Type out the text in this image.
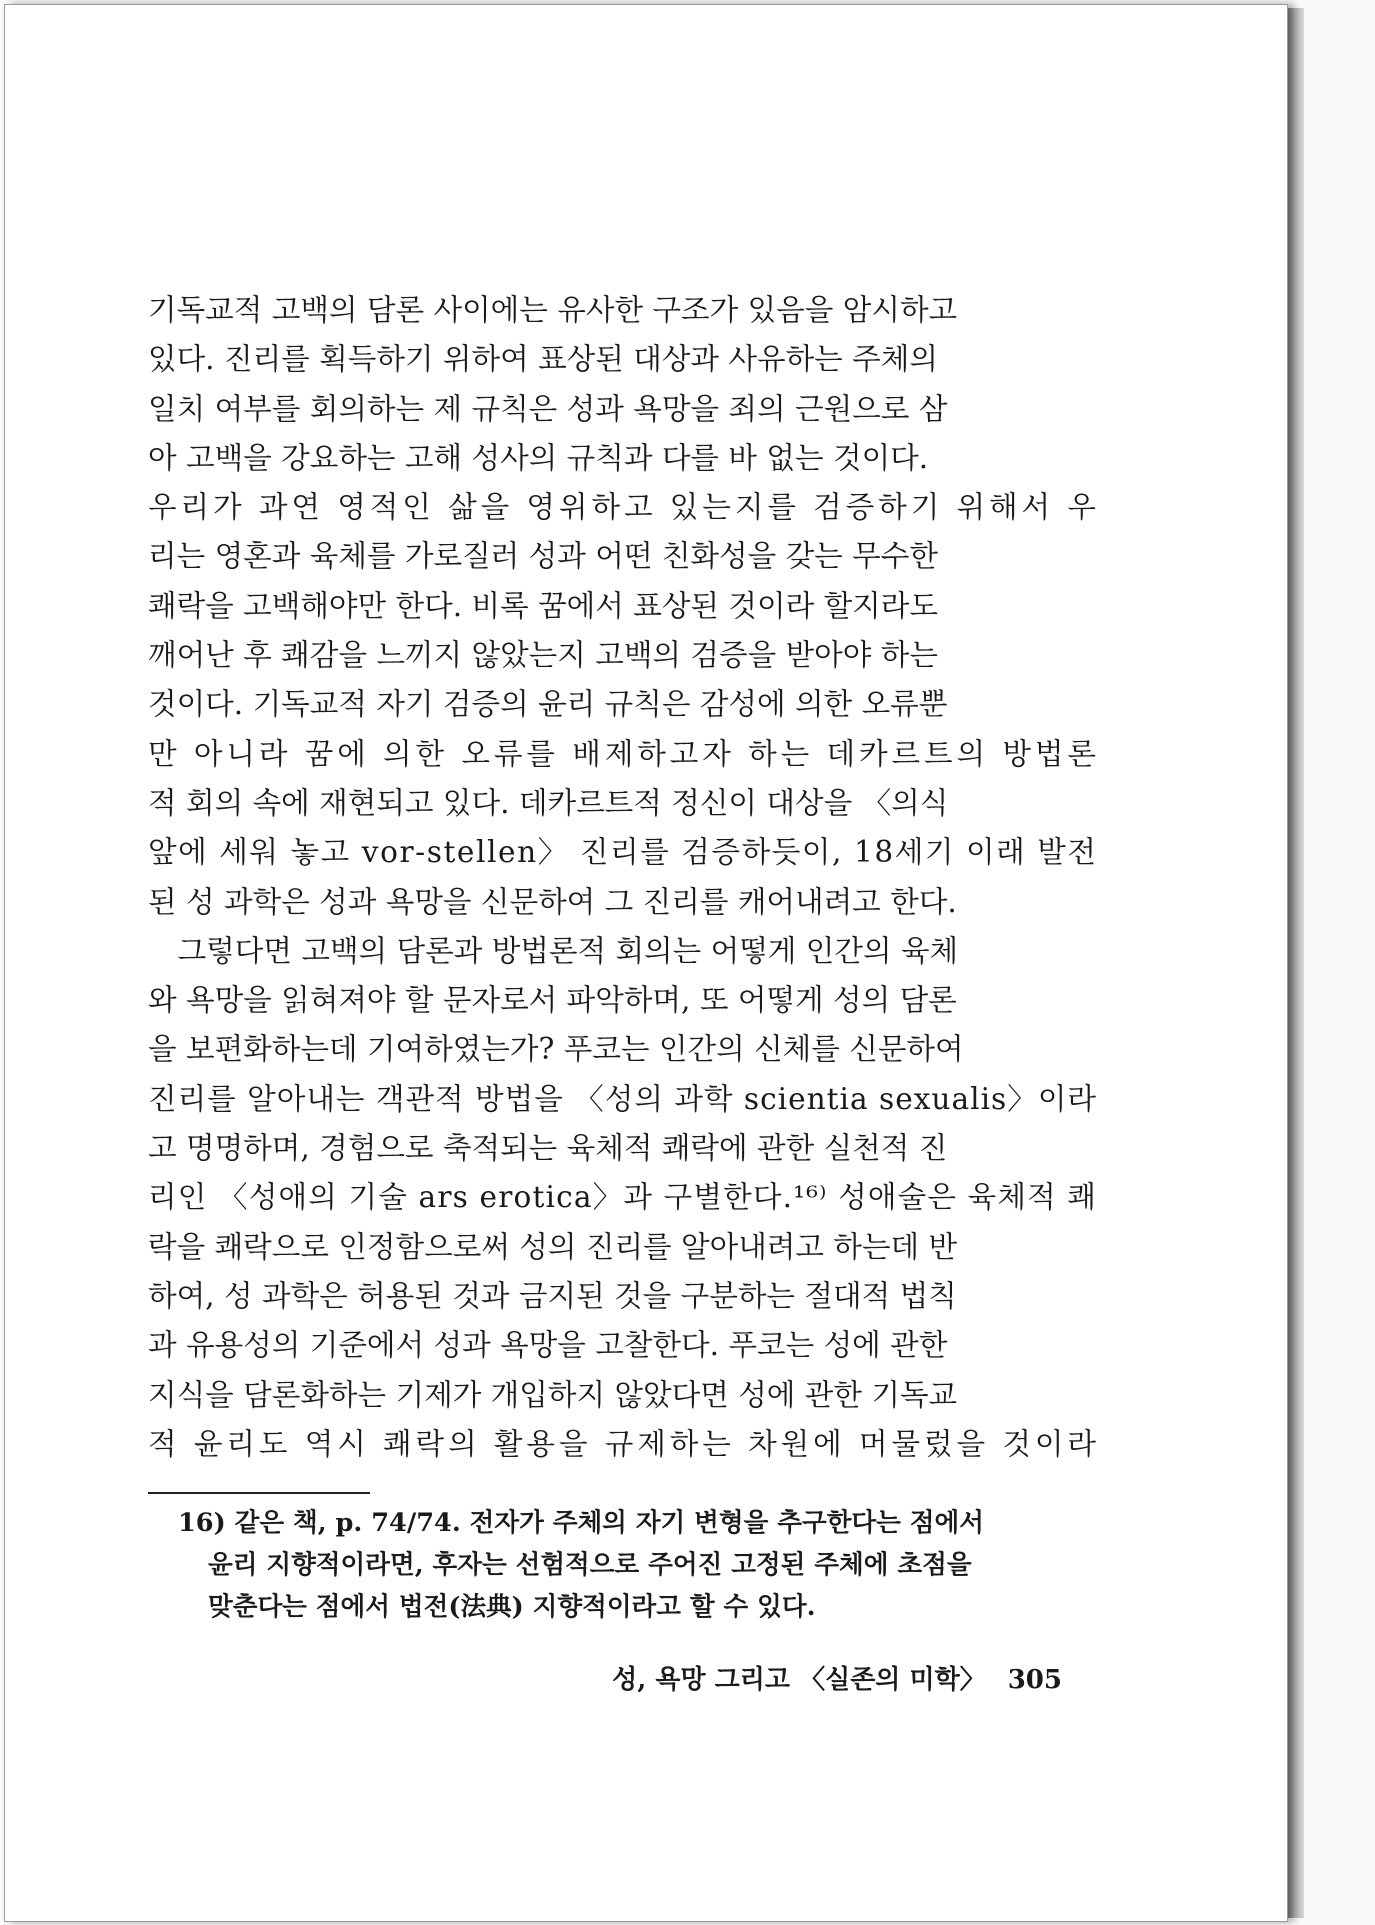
기독교적 고백의 담론 사이에는 유사한 구조가 있음을 암시하고
있다. 진리를 획득하기 위하여 표상된 대상과 사유하는 주체의
일치 여부를 회의하는 제 규칙은 성과 욕망을 죄의 근원으로 삼
아 고백을 강요하는 고해 성사의 규칙과 다를 바 없는 것이다.
우리가 과연 영적인 삶을 영위하고 있는지를 검증하기 위해서 우
리는 영혼과 육체를 가로질러 성과 어떤 친화성을 갖는 무수한
쾌락을 고백해야만 한다. 비록 꿈에서 표상된 것이라 할지라도
깨어난 후 쾌감을 느끼지 않았는지 고백의 검증을 받아야 하는
것이다. 기독교적 자기 검증의 윤리 규칙은 감성에 의한 오류뿐
만 아니라 꿈에 의한 오류를 배제하고자 하는 데카르트의 방법론
적 회의 속에 재현되고 있다. 데카르트적 정신이 대상을 〈의식
앞에 세워 놓고 vor-stellen〉 진리를 검증하듯이, 18세기 이래 발전
된 성 과학은 성과 욕망을 신문하여 그 진리를 캐어내려고 한다.
　그렇다면 고백의 담론과 방법론적 회의는 어떻게 인간의 육체
와 욕망을 읽혀져야 할 문자로서 파악하며, 또 어떻게 성의 담론
을 보편화하는데 기여하였는가? 푸코는 인간의 신체를 신문하여
진리를 알아내는 객관적 방법을 〈성의 과학 scientia sexualis〉이라
고 명명하며, 경험으로 축적되는 육체적 쾌락에 관한 실천적 진
리인 〈성애의 기술 ars erotica〉과 구별한다.¹⁶⁾ 성애술은 육체적 쾌
락을 쾌락으로 인정함으로써 성의 진리를 알아내려고 하는데 반
하여, 성 과학은 허용된 것과 금지된 것을 구분하는 절대적 법칙
과 유용성의 기준에서 성과 욕망을 고찰한다. 푸코는 성에 관한
지식을 담론화하는 기제가 개입하지 않았다면 성에 관한 기독교
적 윤리도 역시 쾌락의 활용을 규제하는 차원에 머물렀을 것이라
16) 같은 책, p. 74/74. 전자가 주체의 자기 변형을 추구한다는 점에서
윤리 지향적이라면, 후자는 선험적으로 주어진 고정된 주체에 초점을
맞춘다는 점에서 법전(法典) 지향적이라고 할 수 있다.
성, 욕망 그리고 〈실존의 미학〉 305
